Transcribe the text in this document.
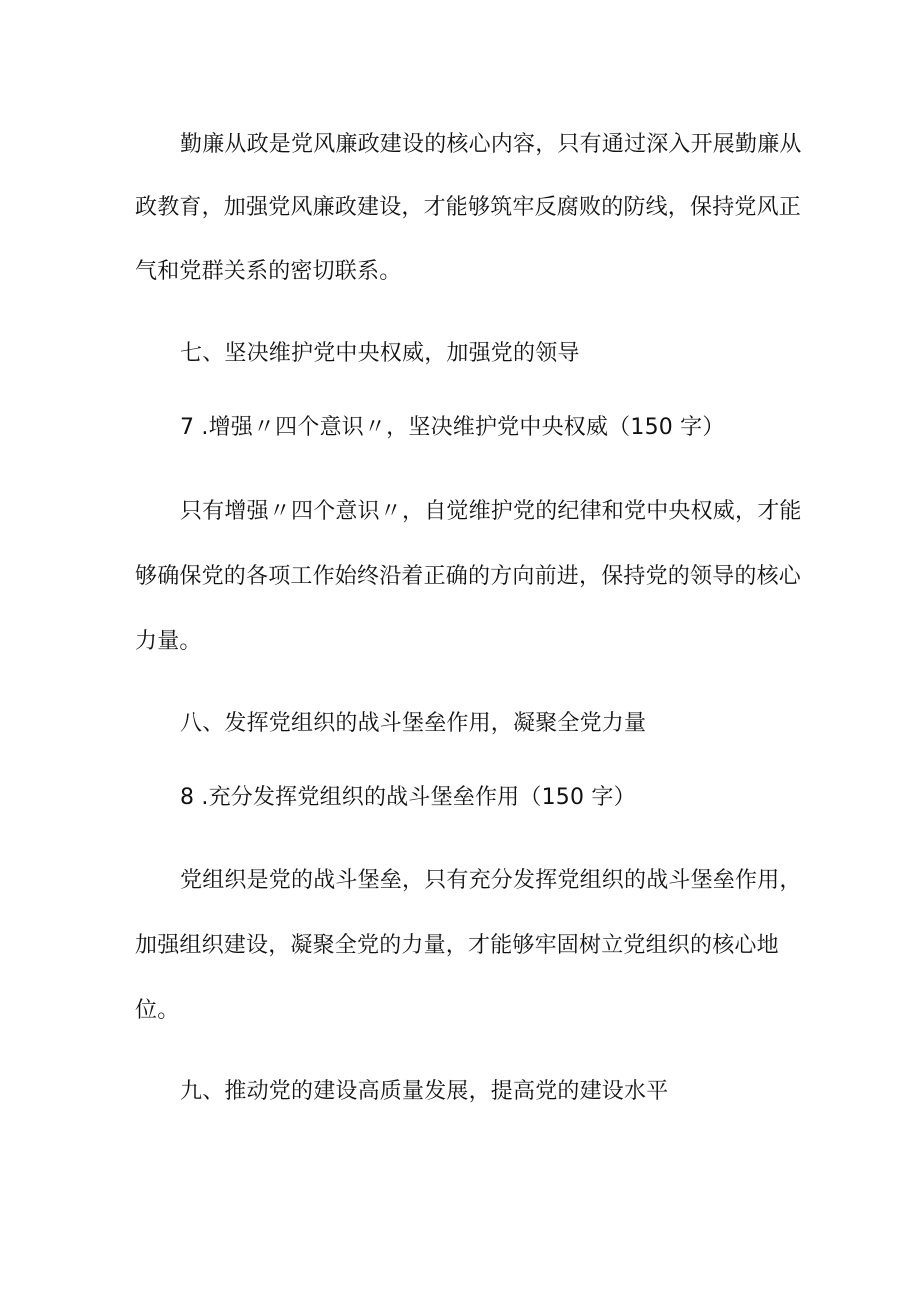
勤廉从政是党风廉政建设的核心内容，只有通过深入开展勤廉从
政教育，加强党风廉政建设，才能够筑牢反腐败的防线，保持党风正
气和党群关系的密切联系。
七、坚决维护党中央权威，加强党的领导
7 .增强〃四个意识〃，坚决维护党中央权威（150 字）
只有增强〃四个意识〃，自觉维护党的纪律和党中央权威，才能
够确保党的各项工作始终沿着正确的方向前进，保持党的领导的核心
力量。
八、发挥党组织的战斗堡垒作用，凝聚全党力量
8 .充分发挥党组织的战斗堡垒作用（150 字）
党组织是党的战斗堡垒，只有充分发挥党组织的战斗堡垒作用，
加强组织建设，凝聚全党的力量，才能够牢固树立党组织的核心地
位。
九、推动党的建设高质量发展，提高党的建设水平
